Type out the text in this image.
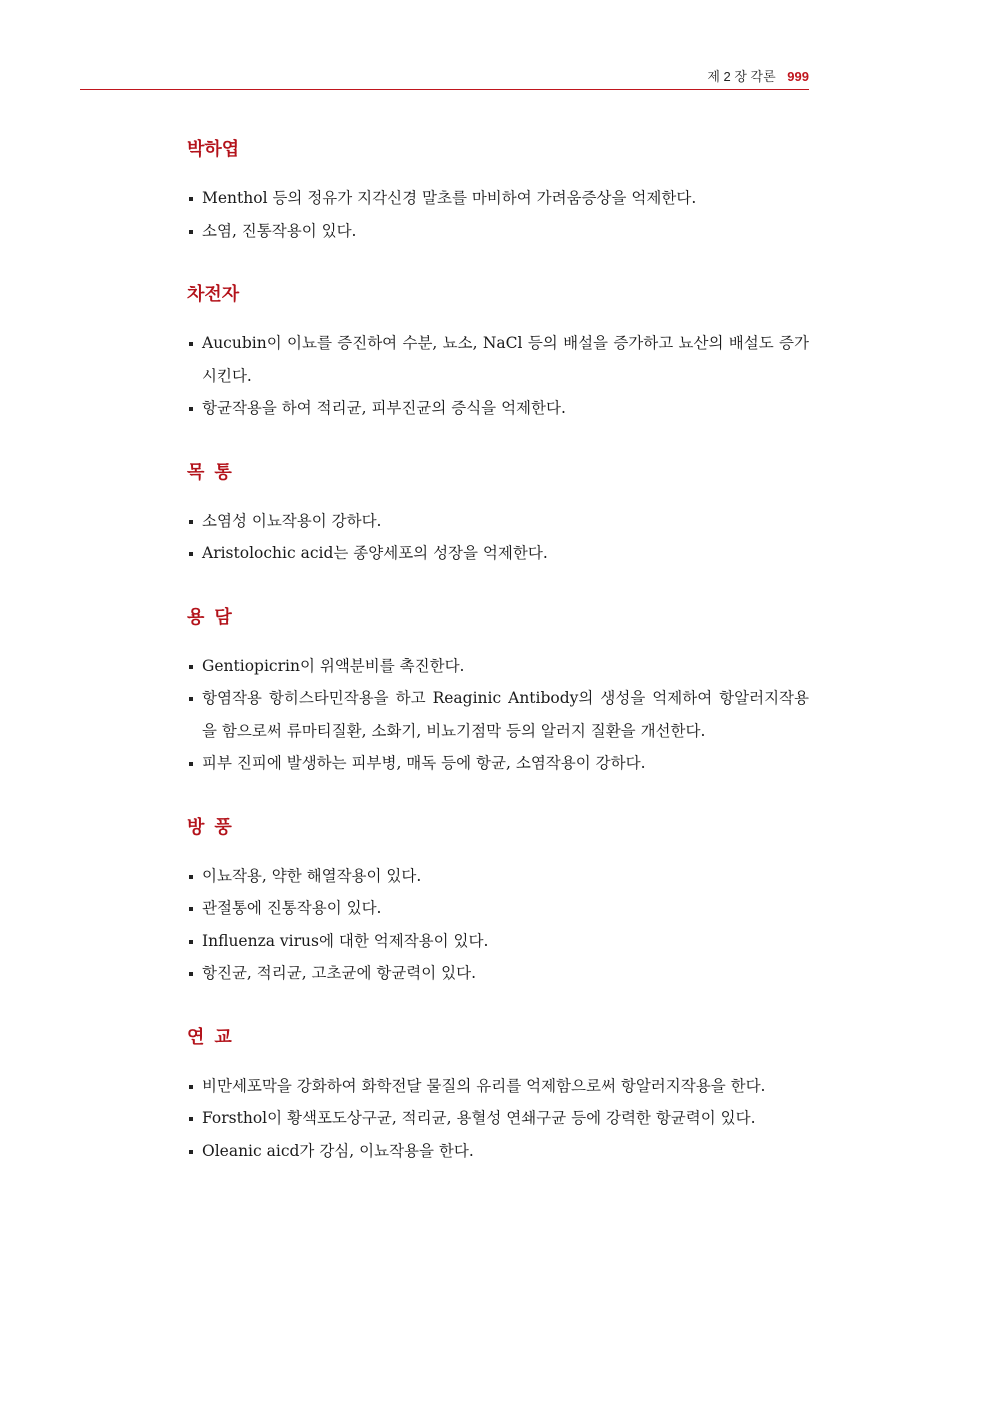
제 2 장 각론 999
박하엽
Menthol 등의 정유가 지각신경 말초를 마비하여 가려움증상을 억제한다.
소염, 진통작용이 있다.
차전자
Aucubin이 이뇨를 증진하여 수분, 뇨소, NaCl 등의 배설을 증가하고 뇨산의 배설도 증가시킨다.
항균작용을 하여 적리균, 피부진균의 증식을 억제한다.
목통
소염성 이뇨작용이 강하다.
Aristolochic acid는 종양세포의 성장을 억제한다.
용담
Gentiopicrin이 위액분비를 촉진한다.
항염작용 항히스타민작용을 하고 Reaginic Antibody의 생성을 억제하여 항알러지작용을 함으로써 류마티질환, 소화기, 비뇨기점막 등의 알러지 질환을 개선한다.
피부 진피에 발생하는 피부병, 매독 등에 항균, 소염작용이 강하다.
방풍
이뇨작용, 약한 해열작용이 있다.
관절통에 진통작용이 있다.
Influenza virus에 대한 억제작용이 있다.
항진균, 적리균, 고초균에 항균력이 있다.
연교
비만세포막을 강화하여 화학전달 물질의 유리를 억제함으로써 항알러지작용을 한다.
Forsthol이 황색포도상구균, 적리균, 용혈성 연쇄구균 등에 강력한 항균력이 있다.
Oleanic aicd가 강심, 이뇨작용을 한다.
